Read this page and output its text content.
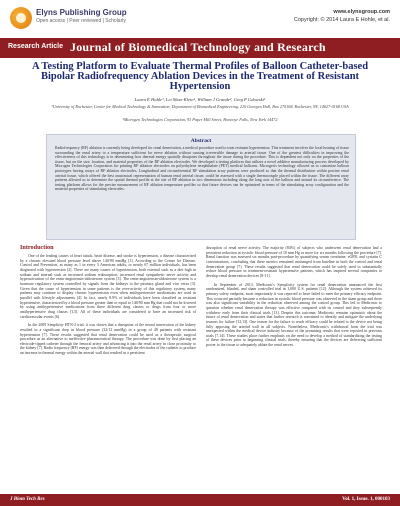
Elyns Publishing Group
Open access | Peer reviewed | Scholarly
www.elynsgroup.com
Copyright: © 2014 Laura E Hohle, et al.
Research Article Journal of Biomedical Technology and Research
A Testing Platform to Evaluate Thermal Profiles of Balloon Catheter-based Bipolar Radiofrequency Ablation Devices in the Treatment of Resistant Hypertension
Laura E Hohle¹, Lei Shao-Klein¹, William J Grande², Greg P Gdowski¹
¹University of Rochester, Center for Medical Technology & Innovation, Department of Biomedical Engineering, 210 Goergen Hall, Box 270168, Rochester, NY, 14627-0168 USA
²Microgen Technologies Corporation, 93 Paper Mill Street, Honeoye Falls, New York 14472
Abstract
Radiofrequency (RF) ablation is currently being developed for renal denervation, a medical procedure used to treat resistant hypertension. This treatment involves the local heating of tissue surrounding the renal artery to a temperature sufficient for nerve ablation without causing irreversible damage to arterial tissue. One of the greatest difficulties in improving the effectiveness of this technology is in determining how thermal energy spatially dissipates throughout the tissue during the procedure. This is dependent not only on the properties of the tissue, but on the size, location, and material properties of the RF ablation electrodes. We developed a testing platform that utilizes a novel additive manufacturing process developed by Microgen Technologies Corporation for printing RF ablation electrodes on polyethylene terephthalate (PET) medical balloons. Microgen's technology allowed us to customize balloon prototypes having arrays of RF ablation electrodes. Longitudinal and circumferential RF stimulation array patterns were produced so that the thermal distribution within porcine renal arterial tissue, which offered the best anatomical representation of human renal arterial tissue, could be assessed with a single thermocouple placed within the tissue. The different array patterns allowed us to determine the spatial thermal profile at the site of RF ablation in two dimensions including along the long axis of the balloon and around its circumference. The testing platform allows for the precise measurement of RF ablation temperature profiles so that future devices can be optimized in terms of the stimulating array configuration and the material properties of stimulating electrodes.
Introduction

One of the leading causes of heart attack, heart disease, and stroke is hypertension, a disease characterized by a chronic elevated blood pressure level above 140/90 mmHg [1]. According to the Center for Disease, Control and Prevention, as many as 1 in every 3 American adults, or nearly 67 million individuals, has been diagnosed with hypertension [2]. There are many causes of hypertension, both external such as a diet high in sodium and internal such as increased sodium reabsorption, increased renal sympathetic nerve activity and hyperactivation of the renin-angiotensin-aldosterone system [3]. The renin-angiotensin-aldosterone system is a hormone regulatory system controlled by signals from the kidneys to the pituitary gland and vice versa [3]. Given that the cause of hypertension in some patients is the over-activity of this regulatory system, many patients may continue to display chronic hypertension even when antihypertensive medications are used in parallel with lifestyle adjustments [4]. In fact, nearly 8.9% of individuals have been classified as resistant hypertensive, characterized by a blood pressure greater than or equal to 140/90 mm Hg that could not be lowered by using antihypertensive medications from three different drug classes or drugs from four or more antihypertensive drug classes [1,5]. All of these individuals are considered to have an increased risk of cardiovascular events [6].

In the 2009 Simplicity HTN-2 trial, it was shown that a disruption of the neural innervation of the kidney resulted in a significant drop in blood pressure (32/12 mmHg) in a group of 49 patients with resistant hypertension [7]. These results suggested that renal denervation could be used as a therapeutic surgical procedure as an alternative to ineffective pharmaceutical therapy. The procedure was done by first placing an electrode-tipped catheter through the femoral artery and advancing it into the renal artery in close proximity to the kidney [7]. Radio frequency (RF) energy was then delivered through the electrodes of the catheter to produce an increase in thermal energy within the arterial wall that resulted in a persistent

disruption of renal nerve activity. The majority (84%) of subjects who underwent renal denervation had a persistent reduction in systolic blood pressure of 10 mm Hg or more for six months following the procedure [7]. Renal function was assessed six months post-procedure by quantifying serum creatinine, eGFR, and cystatin C concentrations, concluding that these metrics remained unchanged from baseline in both the control and renal denervation group [7]. These results suggested that renal denervation could be safely used to substantially reduce blood pressure in treatment-resistant hypertensive patients, which has inspired several companies to develop renal denervation devices [8-11].

In September of 2013, Medtronic's Symplicity system for renal denervation announced the first randomized, blinded, and sham controlled trial in 1,000 U.S. patients [12]. Although the system achieved its primary safety endpoint, most importantly it was reported to have failed to meet the primary efficacy endpoint. This occurred partially because a reduction in systolic blood pressure was observed in the sham group and there was also significant variability in the reduction observed among the control group. This led to Medtronic to question whether renal denervation therapy was effective compared with its control and they subsequently withdrew early from their clinical trials [13]. Despite this outcome, Medtronic remains optimistic about the future of renal denervation and states that further research is warranted to identify and mitigate the underlying reasons for failure [12,13]. One reason for the failure to reach efficacy could be related to the device not being fully apposing the arterial wall in all subjects. Nonetheless, Medtronic's withdrawal from the trial was unexpected within the medical device industry because of the promising results that were reported in previous trials [7,14]. These studies place further emphasis on the need to develop a method of standardizing the testing of these devices prior to beginning clinical trials, thereby ensuring that the devices are delivering sufficient power to the tissue to adequately ablate the renal nerves.

J Biom Tech Res	Vol. 1, Issue. 1, 000103
